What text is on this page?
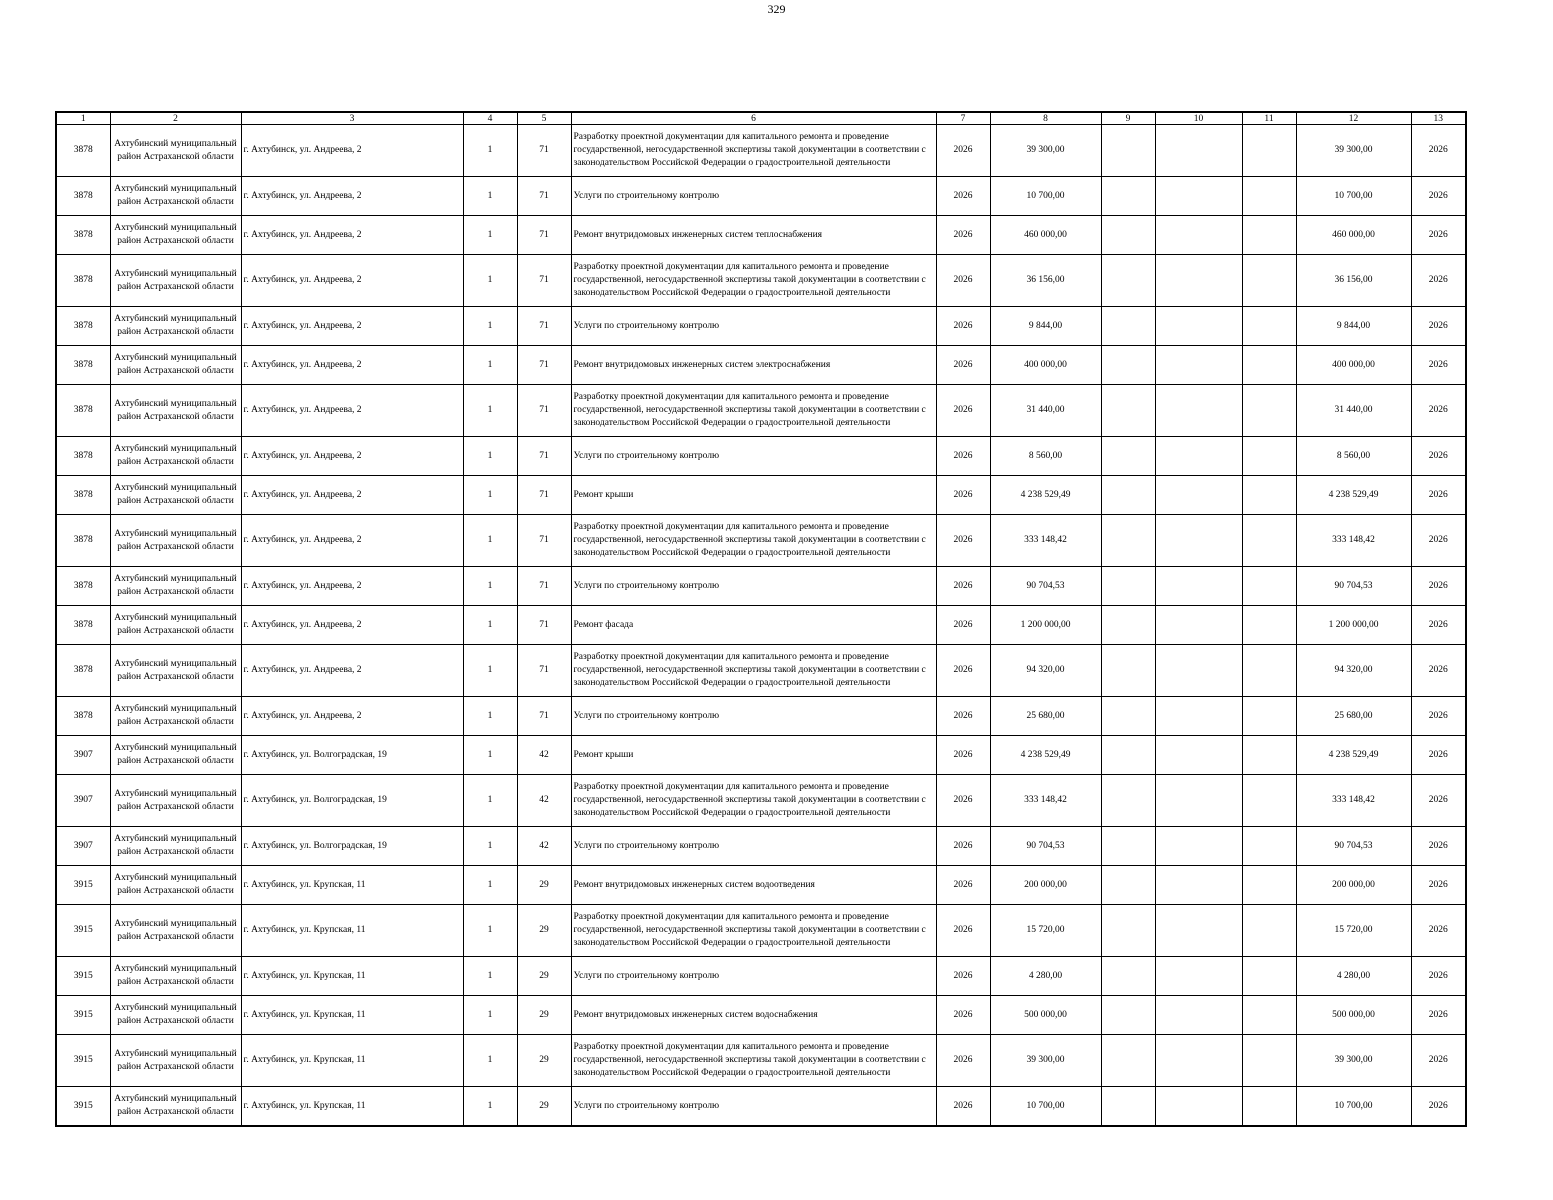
329
1	2	3	4	5	6	7	8	9	10	11	12	13
3878	Ахтубинский муниципальный район Астраханской области	г. Ахтубинск, ул. Андреева, 2	1	71	Разработку проектной документации для капитального ремонта и проведение государственной, негосударственной экспертизы такой документации в соответствии с законодательством Российской Федерации о градостроительной деятельности	2026	39 300,00				39 300,00	2026
3878	Ахтубинский муниципальный район Астраханской области	г. Ахтубинск, ул. Андреева, 2	1	71	Услуги по строительному контролю	2026	10 700,00				10 700,00	2026
3878	Ахтубинский муниципальный район Астраханской области	г. Ахтубинск, ул. Андреева, 2	1	71	Ремонт внутридомовых инженерных систем теплоснабжения	2026	460 000,00				460 000,00	2026
3878	Ахтубинский муниципальный район Астраханской области	г. Ахтубинск, ул. Андреева, 2	1	71	Разработку проектной документации для капитального ремонта и проведение государственной, негосударственной экспертизы такой документации в соответствии с законодательством Российской Федерации о градостроительной деятельности	2026	36 156,00				36 156,00	2026
3878	Ахтубинский муниципальный район Астраханской области	г. Ахтубинск, ул. Андреева, 2	1	71	Услуги по строительному контролю	2026	9 844,00				9 844,00	2026
3878	Ахтубинский муниципальный район Астраханской области	г. Ахтубинск, ул. Андреева, 2	1	71	Ремонт внутридомовых инженерных систем электроснабжения	2026	400 000,00				400 000,00	2026
3878	Ахтубинский муниципальный район Астраханской области	г. Ахтубинск, ул. Андреева, 2	1	71	Разработку проектной документации для капитального ремонта и проведение государственной, негосударственной экспертизы такой документации в соответствии с законодательством Российской Федерации о градостроительной деятельности	2026	31 440,00				31 440,00	2026
3878	Ахтубинский муниципальный район Астраханской области	г. Ахтубинск, ул. Андреева, 2	1	71	Услуги по строительному контролю	2026	8 560,00				8 560,00	2026
3878	Ахтубинский муниципальный район Астраханской области	г. Ахтубинск, ул. Андреева, 2	1	71	Ремонт крыши	2026	4 238 529,49				4 238 529,49	2026
3878	Ахтубинский муниципальный район Астраханской области	г. Ахтубинск, ул. Андреева, 2	1	71	Разработку проектной документации для капитального ремонта и проведение государственной, негосударственной экспертизы такой документации в соответствии с законодательством Российской Федерации о градостроительной деятельности	2026	333 148,42				333 148,42	2026
3878	Ахтубинский муниципальный район Астраханской области	г. Ахтубинск, ул. Андреева, 2	1	71	Услуги по строительному контролю	2026	90 704,53				90 704,53	2026
3878	Ахтубинский муниципальный район Астраханской области	г. Ахтубинск, ул. Андреева, 2	1	71	Ремонт фасада	2026	1 200 000,00				1 200 000,00	2026
3878	Ахтубинский муниципальный район Астраханской области	г. Ахтубинск, ул. Андреева, 2	1	71	Разработку проектной документации для капитального ремонта и проведение государственной, негосударственной экспертизы такой документации в соответствии с законодательством Российской Федерации о градостроительной деятельности	2026	94 320,00				94 320,00	2026
3878	Ахтубинский муниципальный район Астраханской области	г. Ахтубинск, ул. Андреева, 2	1	71	Услуги по строительному контролю	2026	25 680,00				25 680,00	2026
3907	Ахтубинский муниципальный район Астраханской области	г. Ахтубинск, ул. Волгоградская, 19	1	42	Ремонт крыши	2026	4 238 529,49				4 238 529,49	2026
3907	Ахтубинский муниципальный район Астраханской области	г. Ахтубинск, ул. Волгоградская, 19	1	42	Разработку проектной документации для капитального ремонта и проведение государственной, негосударственной экспертизы такой документации в соответствии с законодательством Российской Федерации о градостроительной деятельности	2026	333 148,42				333 148,42	2026
3907	Ахтубинский муниципальный район Астраханской области	г. Ахтубинск, ул. Волгоградская, 19	1	42	Услуги по строительному контролю	2026	90 704,53				90 704,53	2026
3915	Ахтубинский муниципальный район Астраханской области	г. Ахтубинск, ул. Крупская, 11	1	29	Ремонт внутридомовых инженерных систем водоотведения	2026	200 000,00				200 000,00	2026
3915	Ахтубинский муниципальный район Астраханской области	г. Ахтубинск, ул. Крупская, 11	1	29	Разработку проектной документации для капитального ремонта и проведение государственной, негосударственной экспертизы такой документации в соответствии с законодательством Российской Федерации о градостроительной деятельности	2026	15 720,00				15 720,00	2026
3915	Ахтубинский муниципальный район Астраханской области	г. Ахтубинск, ул. Крупская, 11	1	29	Услуги по строительному контролю	2026	4 280,00				4 280,00	2026
3915	Ахтубинский муниципальный район Астраханской области	г. Ахтубинск, ул. Крупская, 11	1	29	Ремонт внутридомовых инженерных систем водоснабжения	2026	500 000,00				500 000,00	2026
3915	Ахтубинский муниципальный район Астраханской области	г. Ахтубинск, ул. Крупская, 11	1	29	Разработку проектной документации для капитального ремонта и проведение государственной, негосударственной экспертизы такой документации в соответствии с законодательством Российской Федерации о градостроительной деятельности	2026	39 300,00				39 300,00	2026
3915	Ахтубинский муниципальный район Астраханской области	г. Ахтубинск, ул. Крупская, 11	1	29	Услуги по строительному контролю	2026	10 700,00				10 700,00	2026
